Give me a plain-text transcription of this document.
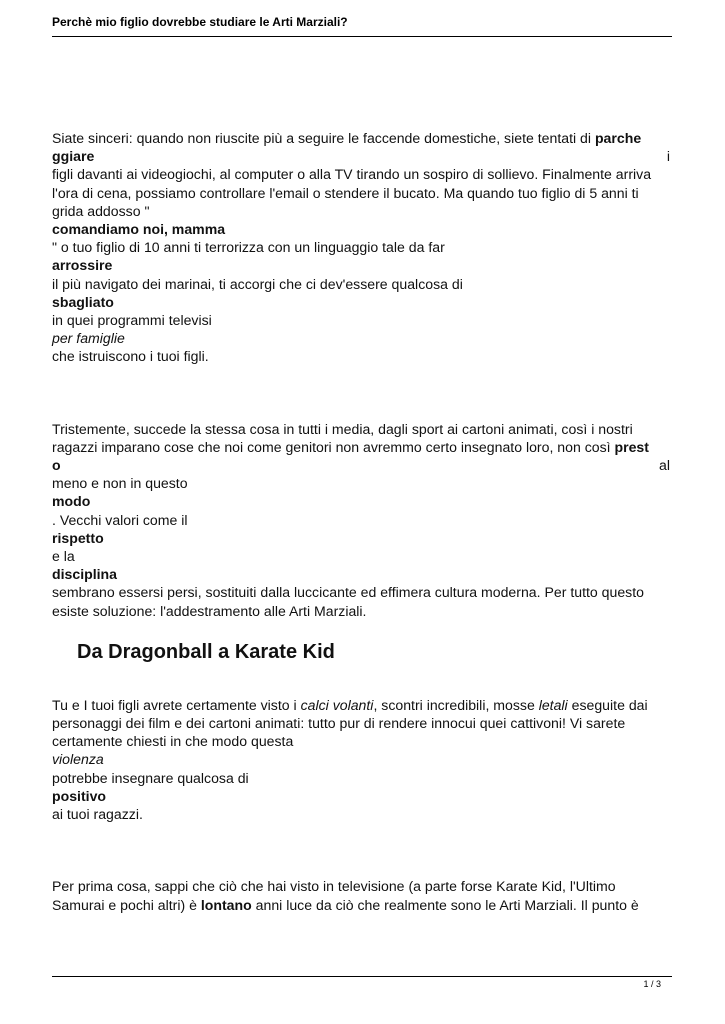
Perchè mio figlio dovrebbe studiare le Arti Marziali?

Siate sinceri: quando non riuscite più a seguire le faccende domestiche, siete tentati di parche

ggiare	i

figli davanti ai videogiochi, al computer o alla TV tirando un sospiro di sollievo. Finalmente arriva l'ora di cena, possiamo controllare l'email o stendere il bucato. Ma quando tuo figlio di 5 anni ti grida addosso "

comandiamo noi, mamma

" o tuo figlio di 10 anni ti terrorizza con un linguaggio tale da far

arrossire

il più navigato dei marinai, ti accorgi che ci dev'essere qualcosa di

sbagliato

in quei programmi televisi

per famiglie

che istruiscono i tuoi figli.

Tristemente, succede la stessa cosa in tutti i media, dagli sport ai cartoni animati, così i nostri ragazzi imparano cose che noi come genitori non avremmo certo insegnato loro, non così prest

o	al

meno e non in questo

modo

. Vecchi valori come il

rispetto

e la

disciplina

sembrano essersi persi, sostituiti dalla luccicante ed effimera cultura moderna. Per tutto questo esiste soluzione: l'addestramento alle Arti Marziali.

Da Dragonball a Karate Kid

Tu e I tuoi figli avrete certamente visto i calci volanti, scontri incredibili, mosse letali eseguite dai personaggi dei film e dei cartoni animati: tutto pur di rendere innocui quei cattivoni! Vi sarete certamente chiesti in che modo questa

violenza

potrebbe insegnare qualcosa di

positivo

ai tuoi ragazzi.

Per prima cosa, sappi che ciò che hai visto in televisione (a parte forse Karate Kid, l'Ultimo Samurai e pochi altri) è lontano anni luce da ciò che realmente sono le Arti Marziali. Il punto è

1 / 3
